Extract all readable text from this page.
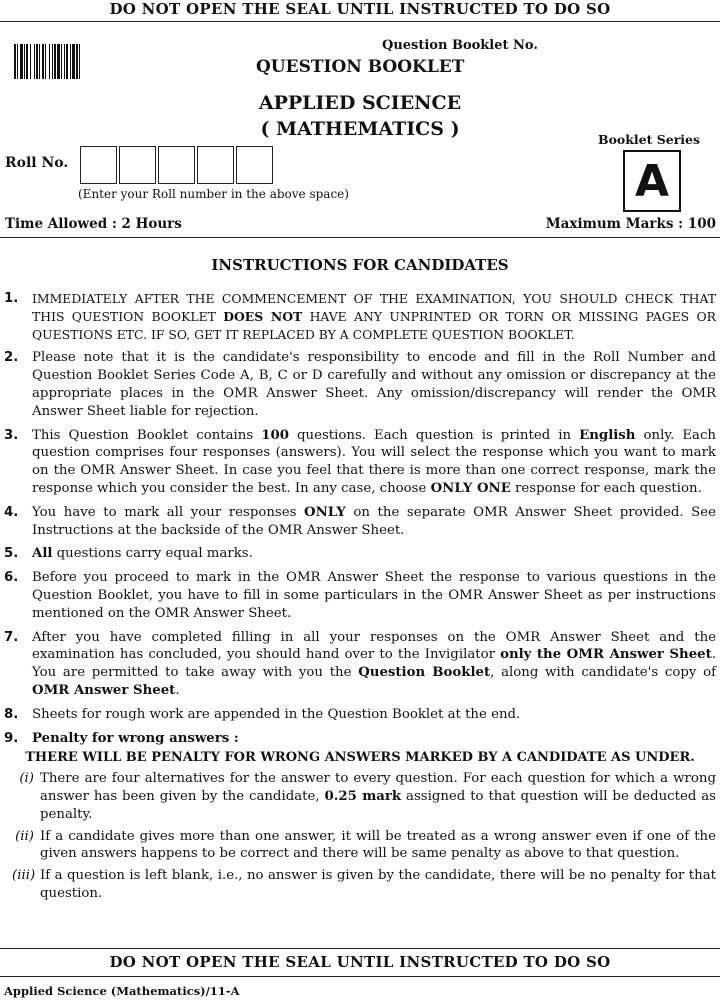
DO NOT OPEN THE SEAL UNTIL INSTRUCTED TO DO SO
Question Booklet No.
QUESTION BOOKLET
APPLIED SCIENCE
( MATHEMATICS )	Booklet Series
A
Roll No.
(Enter your Roll number in the above space)
Time Allowed : 2 Hours	Maximum Marks : 100
INSTRUCTIONS FOR CANDIDATES
1.	IMMEDIATELY AFTER THE COMMENCEMENT OF THE EXAMINATION, YOU SHOULD CHECK THAT THIS QUESTION BOOKLET DOES NOT HAVE ANY UNPRINTED OR TORN OR MISSING PAGES OR QUESTIONS ETC. IF SO, GET IT REPLACED BY A COMPLETE QUESTION BOOKLET.
2.	Please note that it is the candidate's responsibility to encode and fill in the Roll Number and Question Booklet Series Code A, B, C or D carefully and without any omission or discrepancy at the appropriate places in the OMR Answer Sheet. Any omission/discrepancy will render the OMR Answer Sheet liable for rejection.
3.	This Question Booklet contains 100 questions. Each question is printed in English only. Each question comprises four responses (answers). You will select the response which you want to mark on the OMR Answer Sheet. In case you feel that there is more than one correct response, mark the response which you consider the best. In any case, choose ONLY ONE response for each question.
4.	You have to mark all your responses ONLY on the separate OMR Answer Sheet provided. See Instructions at the backside of the OMR Answer Sheet.
5.	All questions carry equal marks.
6.	Before you proceed to mark in the OMR Answer Sheet the response to various questions in the Question Booklet, you have to fill in some particulars in the OMR Answer Sheet as per instructions mentioned on the OMR Answer Sheet.
7.	After you have completed filling in all your responses on the OMR Answer Sheet and the examination has concluded, you should hand over to the Invigilator only the OMR Answer Sheet. You are permitted to take away with you the Question Booklet, along with candidate's copy of OMR Answer Sheet.
8.	Sheets for rough work are appended in the Question Booklet at the end.
9.	Penalty for wrong answers :
THERE WILL BE PENALTY FOR WRONG ANSWERS MARKED BY A CANDIDATE AS UNDER.
(i) There are four alternatives for the answer to every question. For each question for which a wrong answer has been given by the candidate, 0.25 mark assigned to that question will be deducted as penalty.
(ii) If a candidate gives more than one answer, it will be treated as a wrong answer even if one of the given answers happens to be correct and there will be same penalty as above to that question.
(iii) If a question is left blank, i.e., no answer is given by the candidate, there will be no penalty for that question.
DO NOT OPEN THE SEAL UNTIL INSTRUCTED TO DO SO
Applied Science (Mathematics)/11-A
